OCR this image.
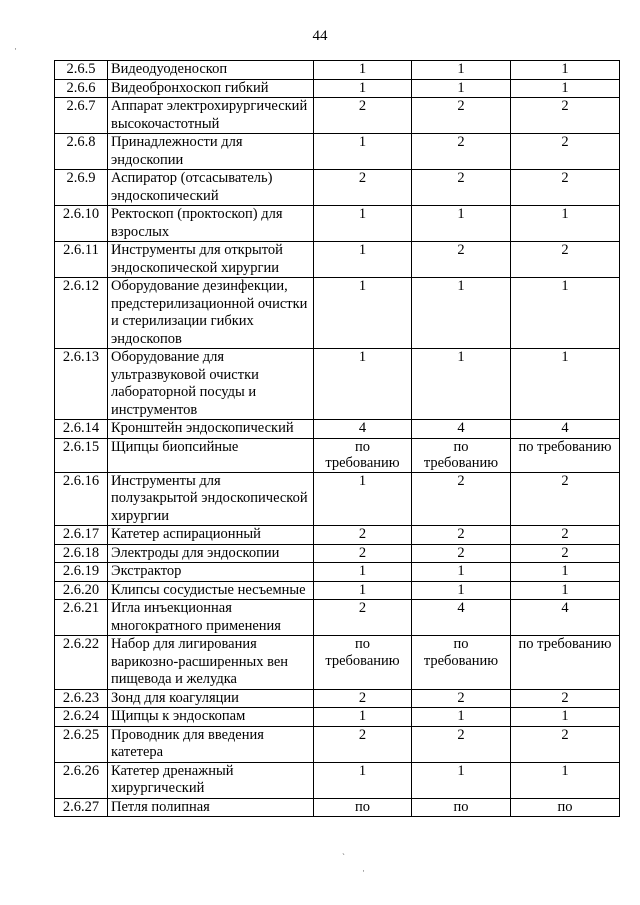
44
·
ˋ
·
2.6.5	Видеодуоденоскоп	1	1	1
2.6.6	Видеобронхоскоп гибкий	1	1	1
2.6.7	Аппарат электрохирургический высокочастотный	2	2	2
2.6.8	Принадлежности для эндоскопии	1	2	2
2.6.9	Аспиратор (отсасыватель) эндоскопический	2	2	2
2.6.10	Ректоскоп (проктоскоп) для взрослых	1	1	1
2.6.11	Инструменты для открытой эндоскопической хирургии	1	2	2
2.6.12	Оборудование дезинфекции, предстерилизационной очистки и стерилизации гибких эндоскопов	1	1	1
2.6.13	Оборудование для ультразвуковой очистки лабораторной посуды и инструментов	1	1	1
2.6.14	Кронштейн эндоскопический	4	4	4
2.6.15	Щипцы биопсийные	по требованию	по требованию	по требованию
2.6.16	Инструменты для полузакрытой эндоскопической хирургии	1	2	2
2.6.17	Катетер аспирационный	2	2	2
2.6.18	Электроды для эндоскопии	2	2	2
2.6.19	Экстрактор	1	1	1
2.6.20	Клипсы сосудистые несъемные	1	1	1
2.6.21	Игла инъекционная многократного применения	2	4	4
2.6.22	Набор для лигирования варикозно-расширенных вен пищевода и желудка	по требованию	по требованию	по требованию
2.6.23	Зонд для коагуляции	2	2	2
2.6.24	Щипцы к эндоскопам	1	1	1
2.6.25	Проводник для введения катетера	2	2	2
2.6.26	Катетер дренажный хирургический	1	1	1
2.6.27	Петля полипная	по	по	по
